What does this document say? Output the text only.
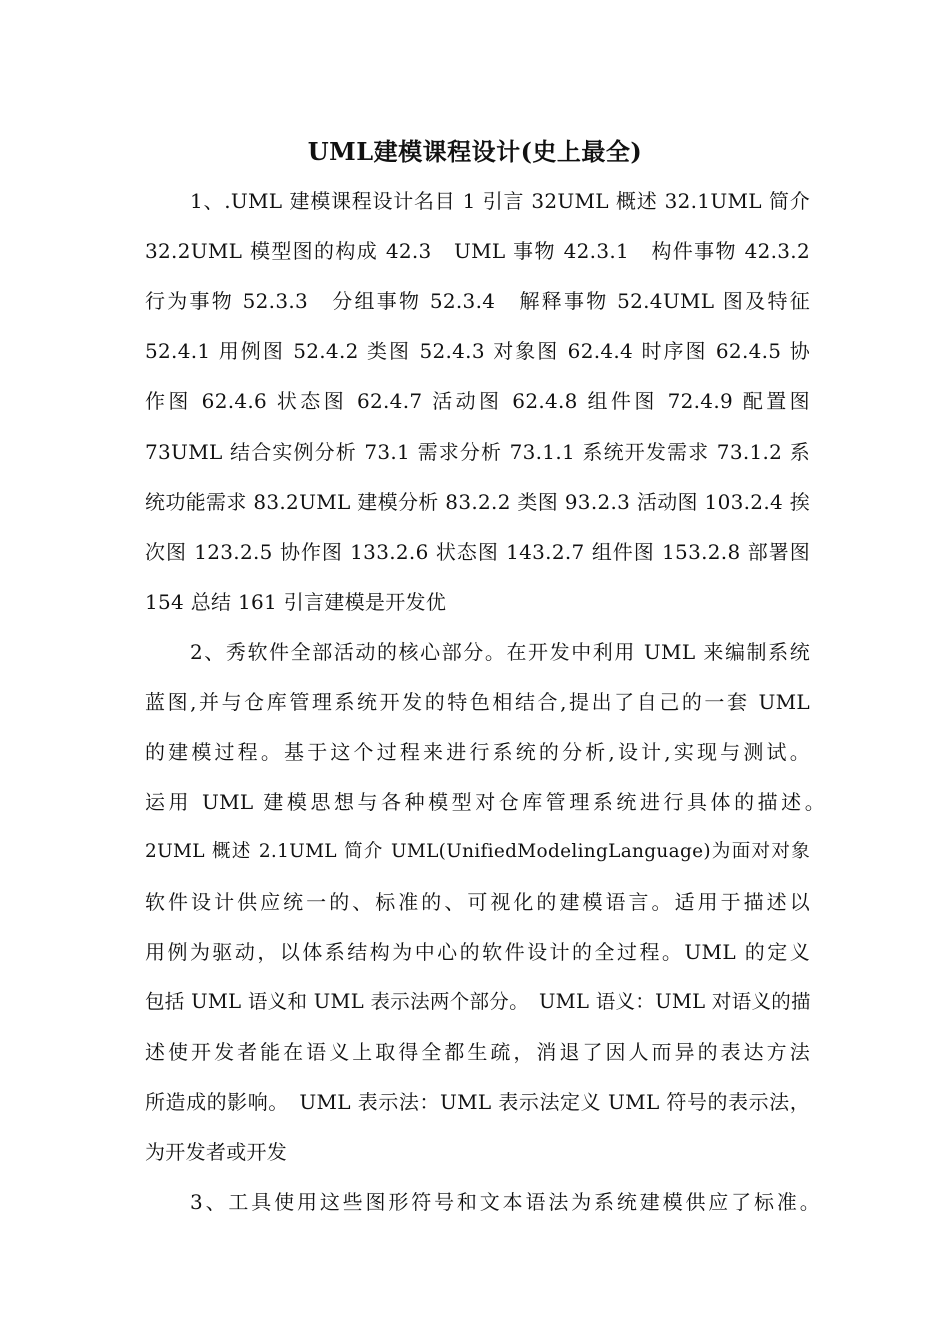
UML建模课程设计(史上最全)
1、.UML 建模课程设计名目 1 引言 32UML 概述 32.1UML 简介
32.2UML 模型图的构成 42.3　UML 事物 42.3.1　构件事物 42.3.2
行为事物 52.3.3　分组事物 52.3.4　解释事物 52.4UML 图及特征
52.4.1 用例图 52.4.2 类图 52.4.3 对象图 62.4.4 时序图 62.4.5 协
作图 62.4.6 状态图 62.4.7 活动图 62.4.8 组件图 72.4.9 配置图
73UML 结合实例分析 73.1 需求分析 73.1.1 系统开发需求 73.1.2 系
统功能需求 83.2UML 建模分析 83.2.2 类图 93.2.3 活动图 103.2.4 挨
次图 123.2.5 协作图 133.2.6 状态图 143.2.7 组件图 153.2.8 部署图
154 总结 161 引言建模是开发优
2、秀软件全部活动的核心部分。在开发中利用 UML 来编制系统
蓝图,并与仓库管理系统开发的特色相结合,提出了自己的一套 UML
的建模过程。基于这个过程来进行系统的分析,设计,实现与测试。
运用 UML 建模思想与各种模型对仓库管理系统进行具体的描述。
2UML 概述 2.1UML 简介 UML(UnifiedModelingLanguage)为面对对象
软件设计供应统一的、标准的、可视化的建模语言。适用于描述以
用例为驱动，以体系结构为中心的软件设计的全过程。UML 的定义
包括 UML 语义和 UML 表示法两个部分。　UML 语义：UML 对语义的描
述使开发者能在语义上取得全都生疏，消退了因人而异的表达方法
所造成的影响。　UML 表示法：UML 表示法定义 UML 符号的表示法，
为开发者或开发
3、工具使用这些图形符号和文本语法为系统建模供应了标准。
